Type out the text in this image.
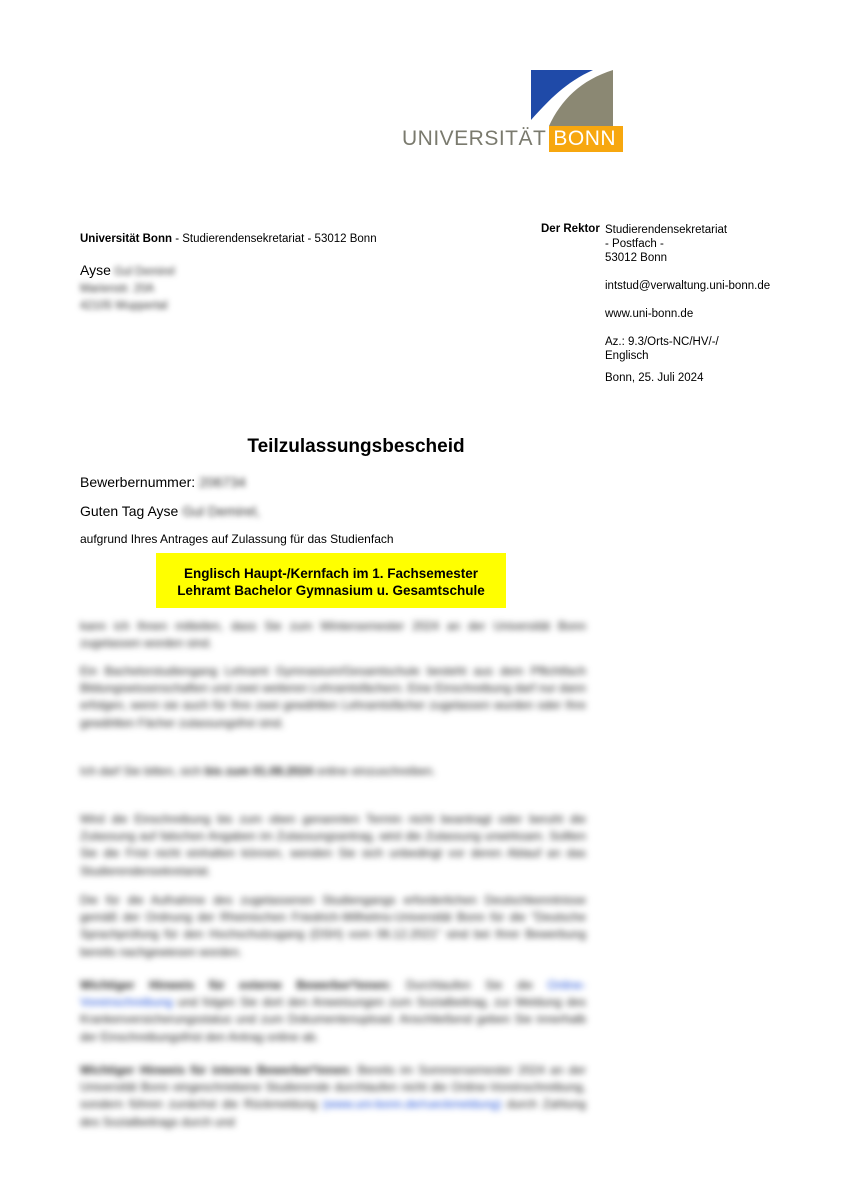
UNIVERSITÄT BONN
Universität Bonn - Studierendensekretariat - 53012 Bonn
Der Rektor Studierendensekretariat

- Postfach -

53012 Bonn

intstud@verwaltung.uni-bonn.de

www.uni-bonn.de

Az.: 9.3/Orts-NC/HV/-/

Englisch

Bonn, 25. Juli 2024

Ayse Gul Demirel
Marienstr. 20A
42105 Wuppertal
Teilzulassungsbescheid
Bewerbernummer: 206734
Guten Tag Ayse Gul Demirel,
aufgrund Ihres Antrages auf Zulassung für das Studienfach
Englisch Haupt-/Kernfach im 1. Fachsemester
Lehramt Bachelor Gymnasium u. Gesamtschule
kann ich Ihnen mitteilen, dass Sie zum Wintersemester 2024 an der Universität Bonn zugelassen worden sind.
Ein Bachelorstudiengang Lehramt Gymnasium/Gesamtschule besteht aus dem Pflichtfach Bildungswissenschaften und zwei weiteren Lehramtsfächern. Eine Einschreibung darf nur dann erfolgen, wenn sie auch für Ihre zwei gewählten Lehramtsfächer zugelassen wurden oder Ihre gewählten Fächer zulassungsfrei sind.
Ich darf Sie bitten, sich bis zum 01.08.2024 online einzuschreiben.
Wird die Einschreibung bis zum oben genannten Termin nicht beantragt oder beruht die Zulassung auf falschen Angaben im Zulassungsantrag, wird die Zulassung unwirksam. Sollten Sie die Frist nicht einhalten können, wenden Sie sich unbedingt vor deren Ablauf an das Studierendensekretariat.
Die für die Aufnahme des zugelassenen Studiengangs erforderlichen Deutschkenntnisse gemäß der Ordnung der Rheinischen Friedrich-Wilhelms-Universität Bonn für die "Deutsche Sprachprüfung für den Hochschulzugang (DSH) vom 06.12.2021" sind bei Ihrer Bewerbung bereits nachgewiesen worden.
Wichtiger Hinweis für externe Bewerber*innen: Durchlaufen Sie die Online-Voreinschreibung und folgen Sie dort den Anweisungen zum Sozialbeitrag, zur Meldung des Krankenversicherungsstatus und zum Dokumentenupload. Anschließend geben Sie innerhalb der Einschreibungsfrist den Antrag online ab.
Wichtiger Hinweis für interne Bewerber*innen: Bereits im Sommersemester 2024 an der Universität Bonn eingeschriebene Studierende durchlaufen nicht die Online-Voreinschreibung, sondern führen zunächst die Rückmeldung (www.uni-bonn.de/rueckmeldung) durch Zahlung des Sozialbeitrags durch und
